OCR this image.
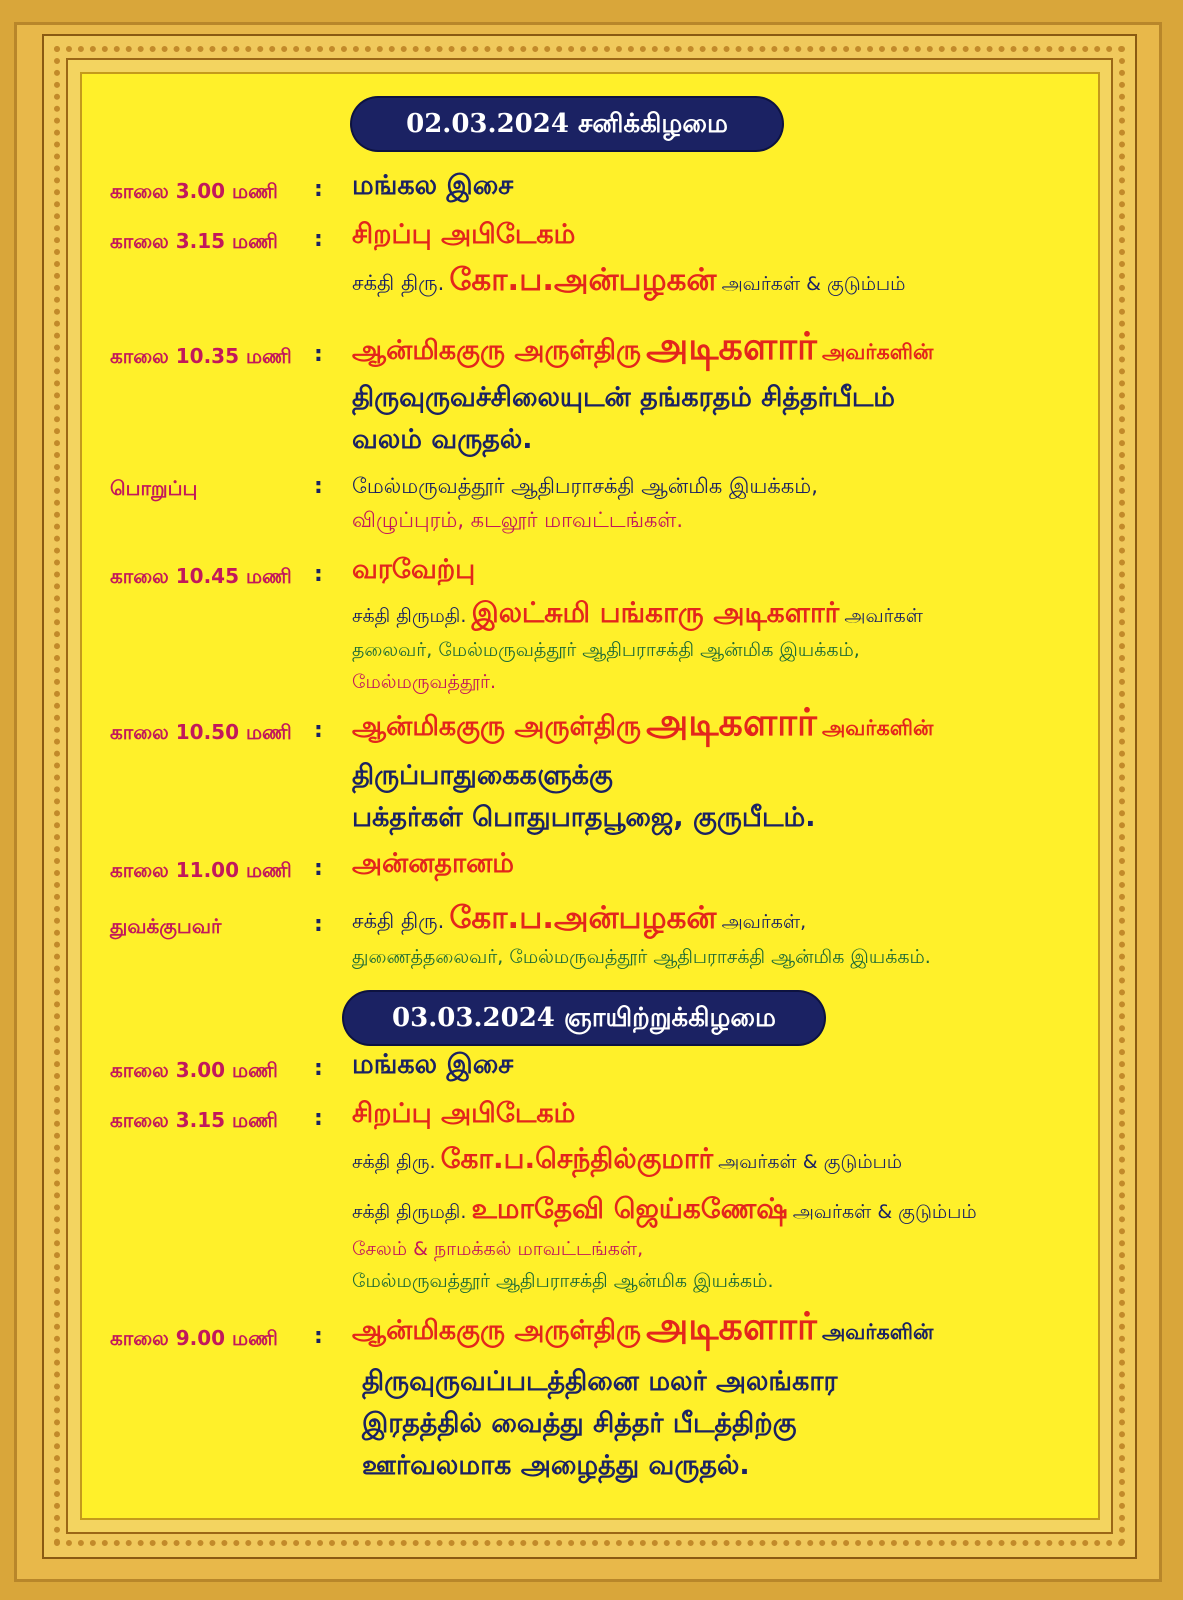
02.03.2024 சனிக்கிழமை
காலை 3.00 மணி : மங்கல இசை
காலை 3.15 மணி : சிறப்பு அபிடேகம்
சக்தி திரு. கோ.ப.அன்பழகன் அவர்கள் & குடும்பம்
காலை 10.35 மணி : ஆன்மிககுரு அருள்திரு அடிகளார் அவர்களின்
திருவுருவச்சிலையுடன் தங்கரதம் சித்தர்பீடம்
வலம் வருதல்.
பொறுப்பு	: மேல்மருவத்தூர் ஆதிபராசக்தி ஆன்மிக இயக்கம்,
விழுப்புரம், கடலூர் மாவட்டங்கள்.
காலை 10.45 மணி : வரவேற்பு
சக்தி திருமதி. இலட்சுமி பங்காரு அடிகளார் அவர்கள்
தலைவர், மேல்மருவத்தூர் ஆதிபராசக்தி ஆன்மிக இயக்கம்,
மேல்மருவத்தூர்.
காலை 10.50 மணி : ஆன்மிககுரு அருள்திரு அடிகளார் அவர்களின்
திருப்பாதுகைகளுக்கு
பக்தர்கள் பொதுபாதபூஜை, குருபீடம்.
காலை 11.00 மணி : அன்னதானம்
துவக்குபவர்	: சக்தி திரு. கோ.ப.அன்பழகன் அவர்கள்,
துணைத்தலைவர், மேல்மருவத்தூர் ஆதிபராசக்தி ஆன்மிக இயக்கம்.
03.03.2024 ஞாயிற்றுக்கிழமை
காலை 3.00 மணி : மங்கல இசை
காலை 3.15 மணி : சிறப்பு அபிடேகம்
சக்தி திரு. கோ.ப.செந்தில்குமார் அவர்கள் & குடும்பம்
சக்தி திருமதி. உமாதேவி ஜெய்கணேஷ் அவர்கள் & குடும்பம்
சேலம் & நாமக்கல் மாவட்டங்கள்,
மேல்மருவத்தூர் ஆதிபராசக்தி ஆன்மிக இயக்கம்.
காலை 9.00 மணி : ஆன்மிககுரு அருள்திரு அடிகளார் அவர்களின்
திருவுருவப்படத்தினை மலர் அலங்கார
இரதத்தில் வைத்து சித்தர் பீடத்திற்கு
ஊர்வலமாக அழைத்து வருதல்.
